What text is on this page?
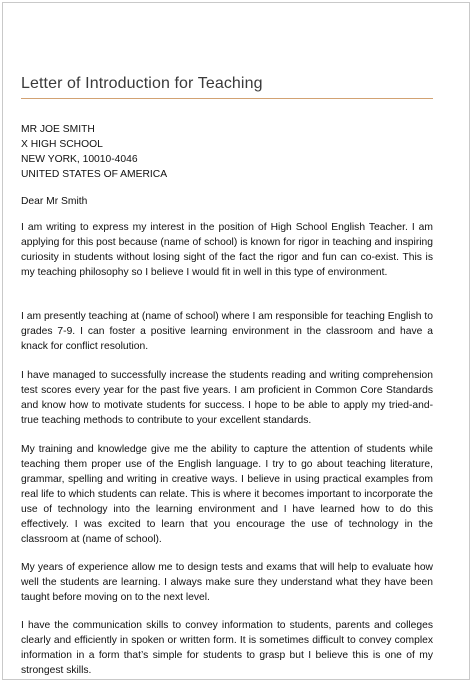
Letter of Introduction for Teaching
MR JOE SMITH
X HIGH SCHOOL
NEW YORK, 10010-4046
UNITED STATES OF AMERICA
Dear Mr Smith

I am writing to express my interest in the position of High School English Teacher. I am applying for this post because (name of school) is known for rigor in teaching and inspiring curiosity in students without losing sight of the fact the rigor and fun can co-exist. This is my teaching philosophy so I believe I would fit in well in this type of environment.

I am presently teaching at (name of school) where I am responsible for teaching English to grades 7-9. I can foster a positive learning environment in the classroom and have a knack for conflict resolution.

I have managed to successfully increase the students reading and writing comprehension test scores every year for the past five years. I am proficient in Common Core Standards and know how to motivate students for success. I hope to be able to apply my tried-and-true teaching methods to contribute to your excellent standards.

My training and knowledge give me the ability to capture the attention of students while teaching them proper use of the English language. I try to go about teaching literature, grammar, spelling and writing in creative ways. I believe in using practical examples from real life to which students can relate. This is where it becomes important to incorporate the use of technology into the learning environment and I have learned how to do this effectively. I was excited to learn that you encourage the use of technology in the classroom at (name of school).

My years of experience allow me to design tests and exams that will help to evaluate how well the students are learning. I always make sure they understand what they have been taught before moving on to the next level.

I have the communication skills to convey information to students, parents and colleges clearly and efficiently in spoken or written form. It is sometimes difficult to convey complex information in a form that’s simple for students to grasp but I believe this is one of my strongest skills.
